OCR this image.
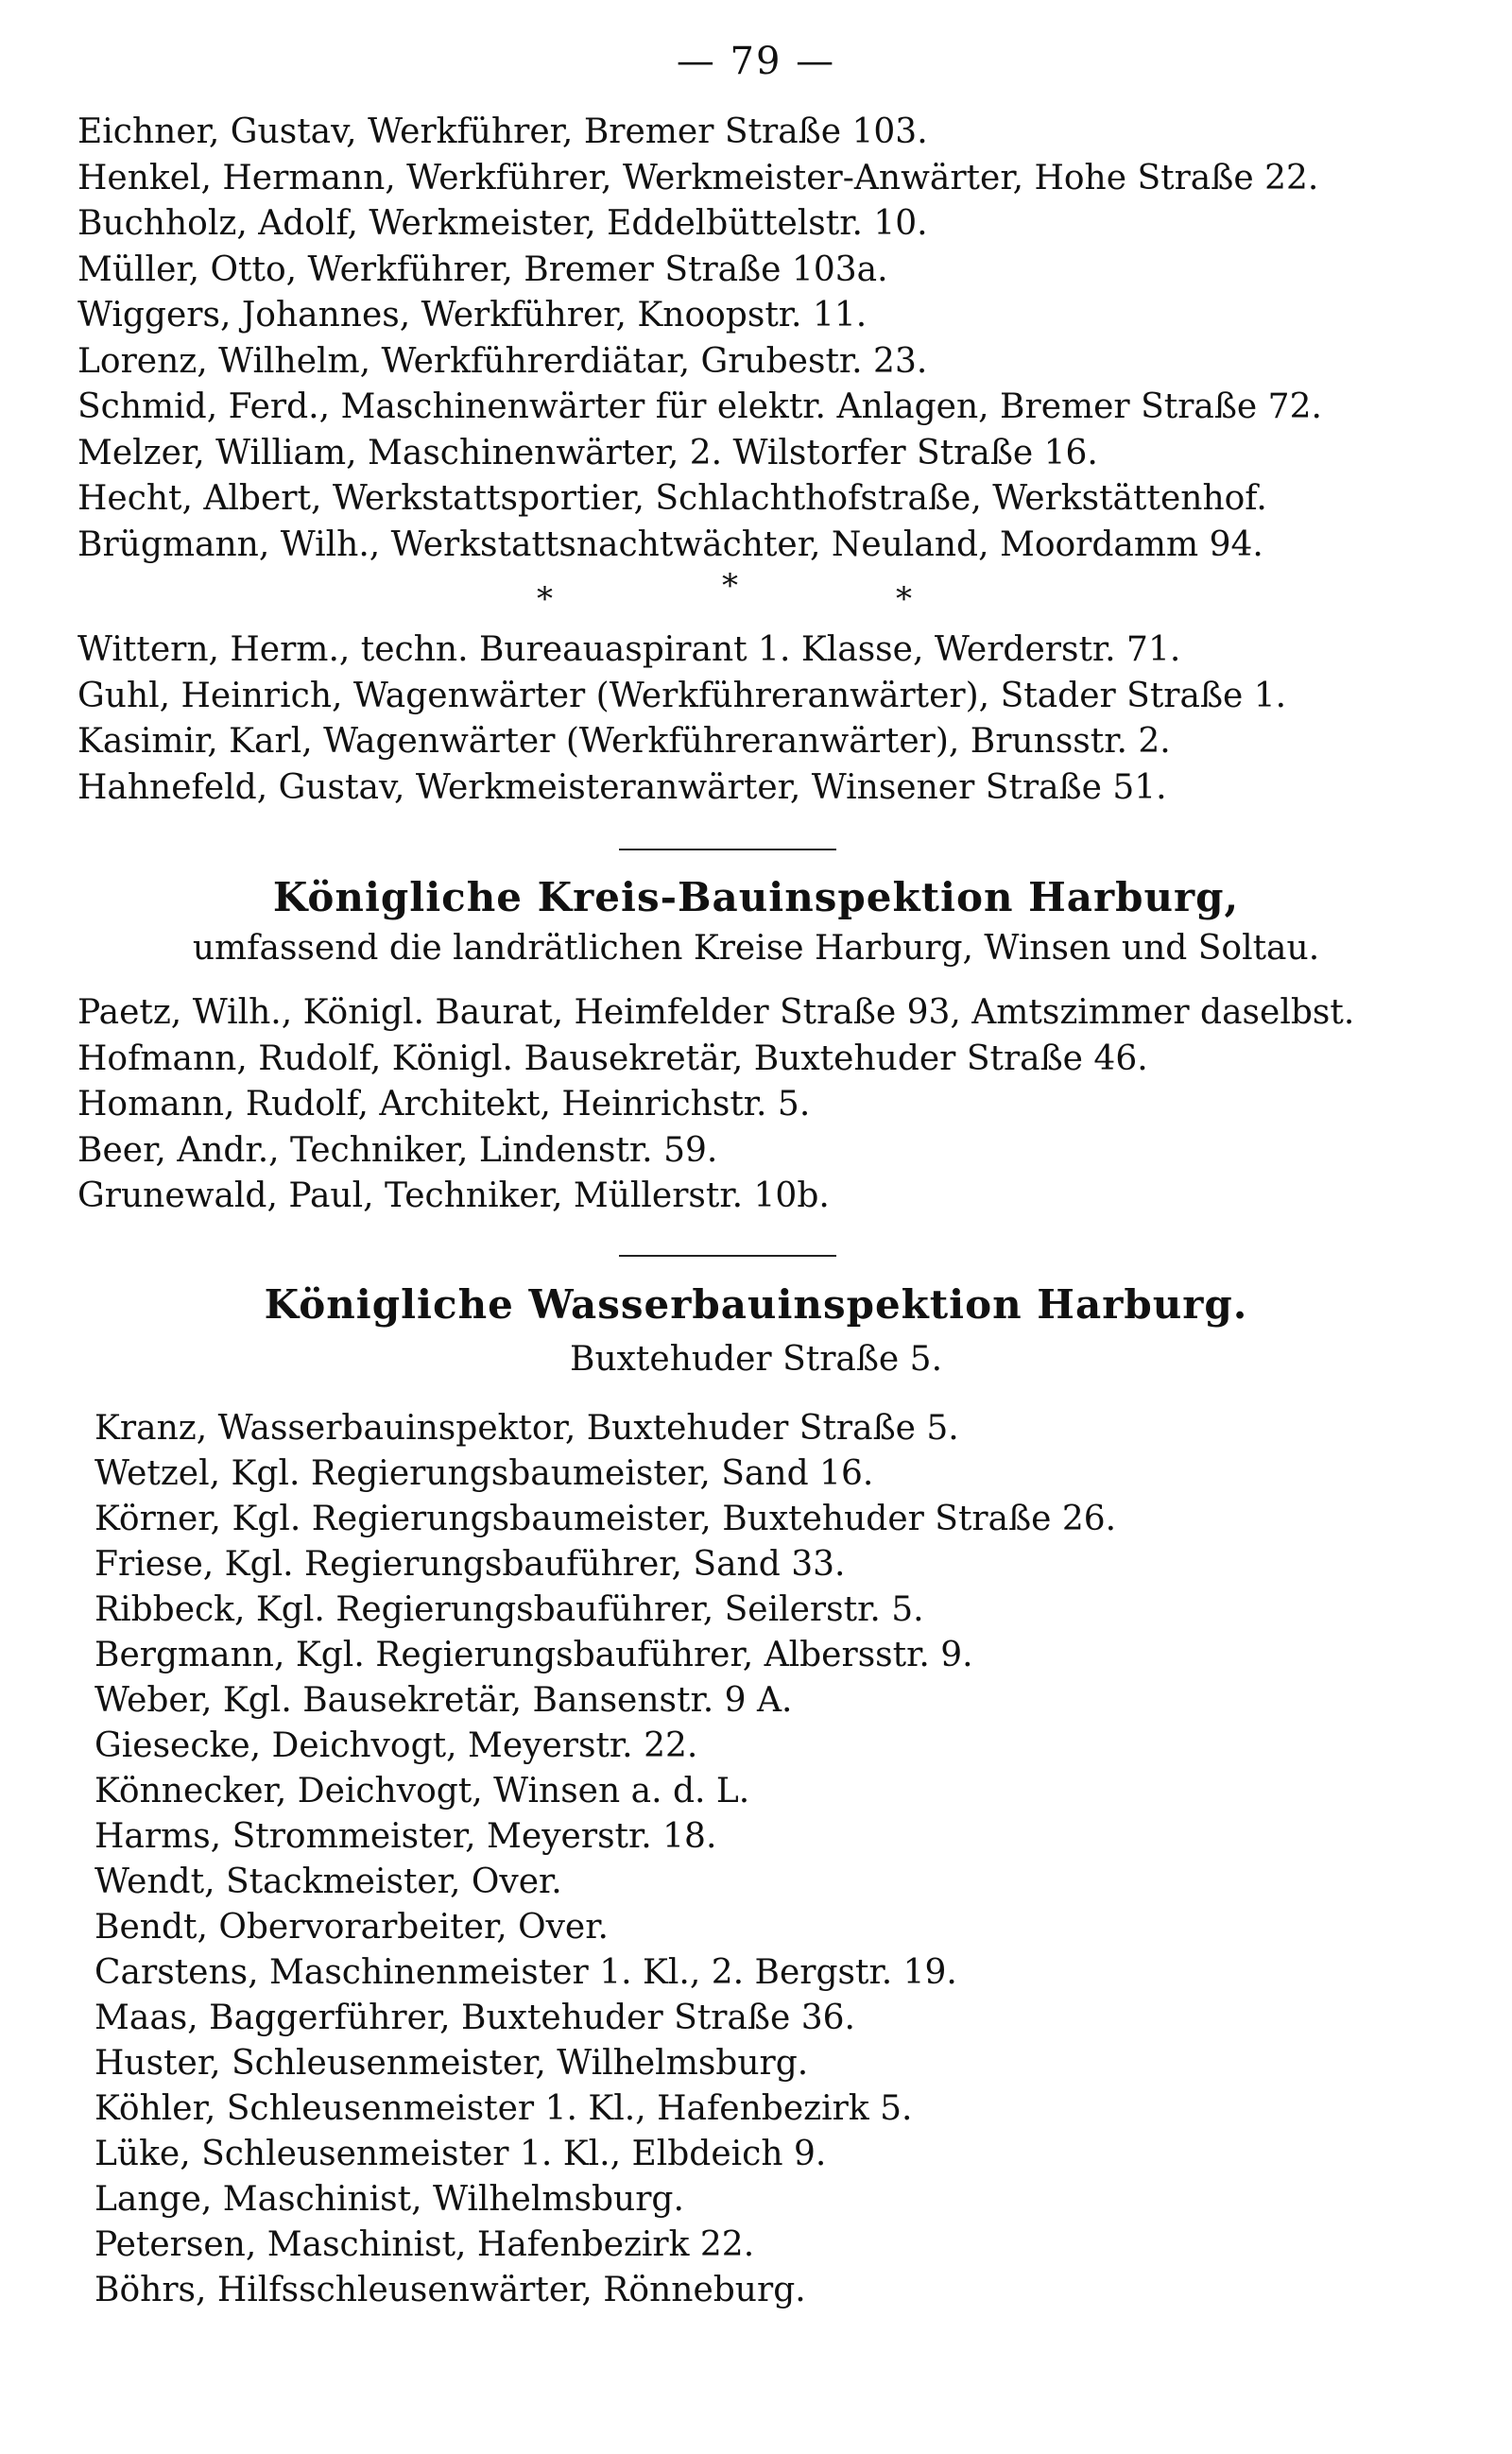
— 79 —
Eichner, Gustav, Werkführer, Bremer Straße 103.
Henkel, Hermann, Werkführer, Werkmeister-Anwärter, Hohe Straße 22.
Buchholz, Adolf, Werkmeister, Eddelbüttelstr. 10.
Müller, Otto, Werkführer, Bremer Straße 103a.
Wiggers, Johannes, Werkführer, Knoopstr. 11.
Lorenz, Wilhelm, Werkführerdiätar, Grubestr. 23.
Schmid, Ferd., Maschinenwärter für elektr. Anlagen, Bremer Straße 72.
Melzer, William, Maschinenwärter, 2. Wilstorfer Straße 16.
Hecht, Albert, Werkstattsportier, Schlachthofstraße, Werkstättenhof.
Brügmann, Wilh., Werkstattsnachtwächter, Neuland, Moordamm 94.
*	*	*
Wittern, Herm., techn. Bureauaspirant 1. Klasse, Werderstr. 71.
Guhl, Heinrich, Wagenwärter (Werkführeranwärter), Stader Straße 1.
Kasimir, Karl, Wagenwärter (Werkführeranwärter), Brunsstr. 2.
Hahnefeld, Gustav, Werkmeisteranwärter, Winsener Straße 51.
Königliche Kreis-Bauinspektion Harburg,
umfassend die landrätlichen Kreise Harburg, Winsen und Soltau.
Paetz, Wilh., Königl. Baurat, Heimfelder Straße 93, Amtszimmer daselbst.
Hofmann, Rudolf, Königl. Bausekretär, Buxtehuder Straße 46.
Homann, Rudolf, Architekt, Heinrichstr. 5.
Beer, Andr., Techniker, Lindenstr. 59.
Grunewald, Paul, Techniker, Müllerstr. 10b.
Königliche Wasserbauinspektion Harburg.
Buxtehuder Straße 5.
Kranz, Wasserbauinspektor, Buxtehuder Straße 5.
Wetzel, Kgl. Regierungsbaumeister, Sand 16.
Körner, Kgl. Regierungsbaumeister, Buxtehuder Straße 26.
Friese, Kgl. Regierungsbauführer, Sand 33.
Ribbeck, Kgl. Regierungsbauführer, Seilerstr. 5.
Bergmann, Kgl. Regierungsbauführer, Albersstr. 9.
Weber, Kgl. Bausekretär, Bansenstr. 9 A.
Giesecke, Deichvogt, Meyerstr. 22.
Könnecker, Deichvogt, Winsen a. d. L.
Harms, Strommeister, Meyerstr. 18.
Wendt, Stackmeister, Over.
Bendt, Obervorarbeiter, Over.
Carstens, Maschinenmeister 1. Kl., 2. Bergstr. 19.
Maas, Baggerführer, Buxtehuder Straße 36.
Huster, Schleusenmeister, Wilhelmsburg.
Köhler, Schleusenmeister 1. Kl., Hafenbezirk 5.
Lüke, Schleusenmeister 1. Kl., Elbdeich 9.
Lange, Maschinist, Wilhelmsburg.
Petersen, Maschinist, Hafenbezirk 22.
Böhrs, Hilfsschleusenwärter, Rönneburg.
